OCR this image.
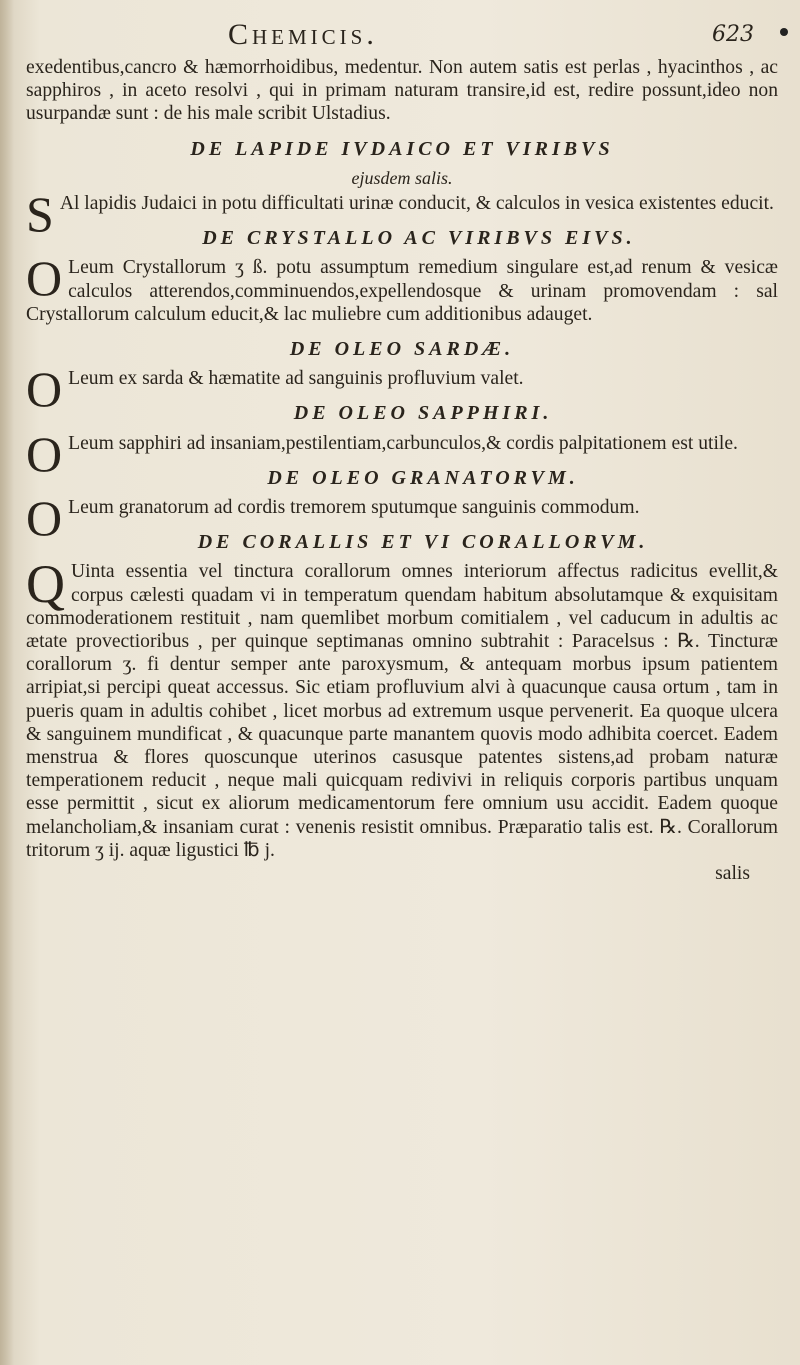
Chemicis.	623

exedentibus,cancro & hæmorrhoidibus, medentur. Non autem satis est perlas , hyacinthos , ac sapphiros , in aceto resolvi , qui in primam naturam transire,id est, redire possunt,ideo non usurpandæ sunt : de his male scribit Ulstadius.

DE LAPIDE IVDAICO ET VIRIBVS

ejusdem salis.

S Al lapidis Judaici in potu difficultati urinæ conducit, & calculos in vesica existentes educit.

DE CRYSTALLO AC VIRIBVS EIVS.

O Leum Crystallorum ʒ ß. potu assumptum remedium singulare est,ad renum & vesicæ calculos atterendos,comminuendos,expellendosque & urinam promovendam : sal Crystallorum calculum educit,& lac muliebre cum additionibus adauget.

DE OLEO SARDÆ.

O Leum ex sarda & hæmatite ad sanguinis profluvium valet.

DE OLEO SAPPHIRI.

O Leum sapphiri ad insaniam,pestilentiam,carbunculos,& cordis palpitationem est utile.

DE OLEO GRANATORVM.

O Leum granatorum ad cordis tremorem sputumque sanguinis commodum.

DE CORALLIS ET VI CORALLORVM.

Q Uinta essentia vel tinctura corallorum omnes interiorum affectus radicitus evellit,& corpus cælesti quadam vi in temperatum quendam habitum absolutamque & exquisitam commoderationem restituit , nam quemlibet morbum comitialem , vel caducum in adultis ac ætate provectioribus , per quinque septimanas omnino subtrahit : Paracelsus : ℞. Tincturæ corallorum ʒ. fi dentur semper ante paroxysmum, & antequam morbus ipsum patientem arripiat,si percipi queat accessus. Sic etiam profluvium alvi à quacunque causa ortum , tam in pueris quam in adultis cohibet , licet morbus ad extremum usque pervenerit. Ea quoque ulcera & sanguinem mundificat , & quacunque parte manantem quovis modo adhibita coercet. Eadem menstrua & flores quoscunque uterinos casusque patentes sistens,ad probam naturæ temperationem reducit , neque mali quicquam redivivi in reliquis corporis partibus unquam esse permittit , sicut ex aliorum medicamentorum fere omnium usu accidit. Eadem quoque melancholiam,& insaniam curat : venenis resistit omnibus. Præparatio talis est. ℞. Corallorum tritorum ʒ ij. aquæ ligustici ℔ j.

salis
